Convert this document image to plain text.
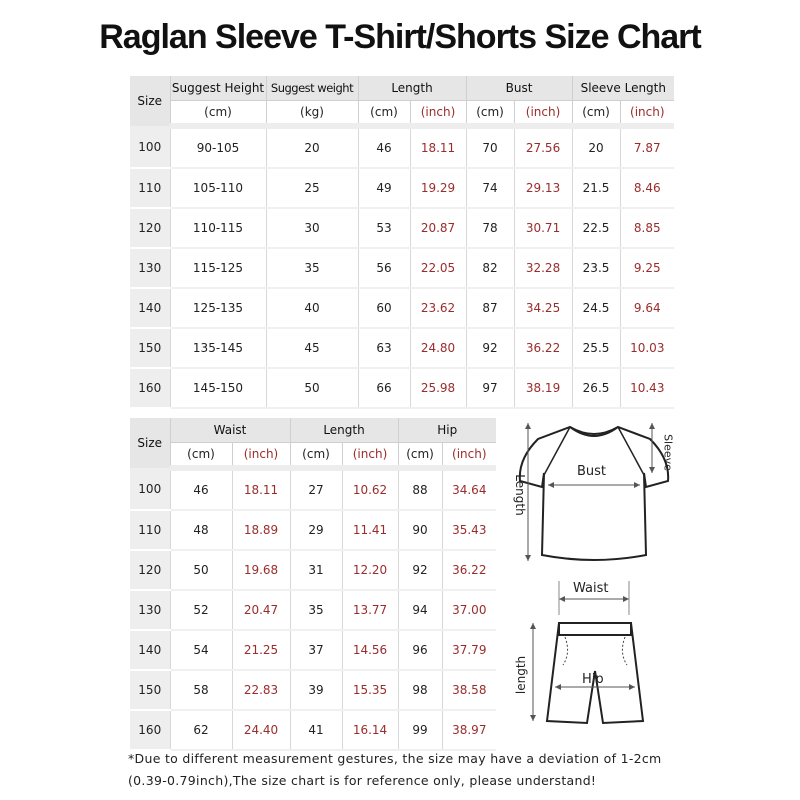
Raglan Sleeve T-Shirt/Shorts Size Chart
Size	Suggest Height	Suggest weight	Length		Bust		Sleeve Length	
	(cm)	(kg)	(cm)	(inch)	(cm)	(inch)	(cm)	(inch)
100	90-105	20	46	18.11	70	27.56	20	7.87
110	105-110	25	49	19.29	74	29.13	21.5	8.46
120	110-115	30	53	20.87	78	30.71	22.5	8.85
130	115-125	35	56	22.05	82	32.28	23.5	9.25
140	125-135	40	60	23.62	87	34.25	24.5	9.64
150	135-145	45	63	24.80	92	36.22	25.5	10.03
160	145-150	50	66	25.98	97	38.19	26.5	10.43
Size	Waist		Length		Hip	
	(cm)	(inch)	(cm)	(inch)	(cm)	(inch)
100	46	18.11	27	10.62	88	34.64
110	48	18.89	29	11.41	90	35.43
120	50	19.68	31	12.20	92	36.22
130	52	20.47	35	13.77	94	37.00
140	54	21.25	37	14.56	96	37.79
150	58	22.83	39	15.35	98	38.58
160	62	24.40	41	16.14	99	38.97
Bust
Length
Sleeve
Waist
length	Hip
*Due to different measurement gestures, the size may have a deviation of 1-2cm
(0.39-0.79inch),The size chart is for reference only, please understand!
